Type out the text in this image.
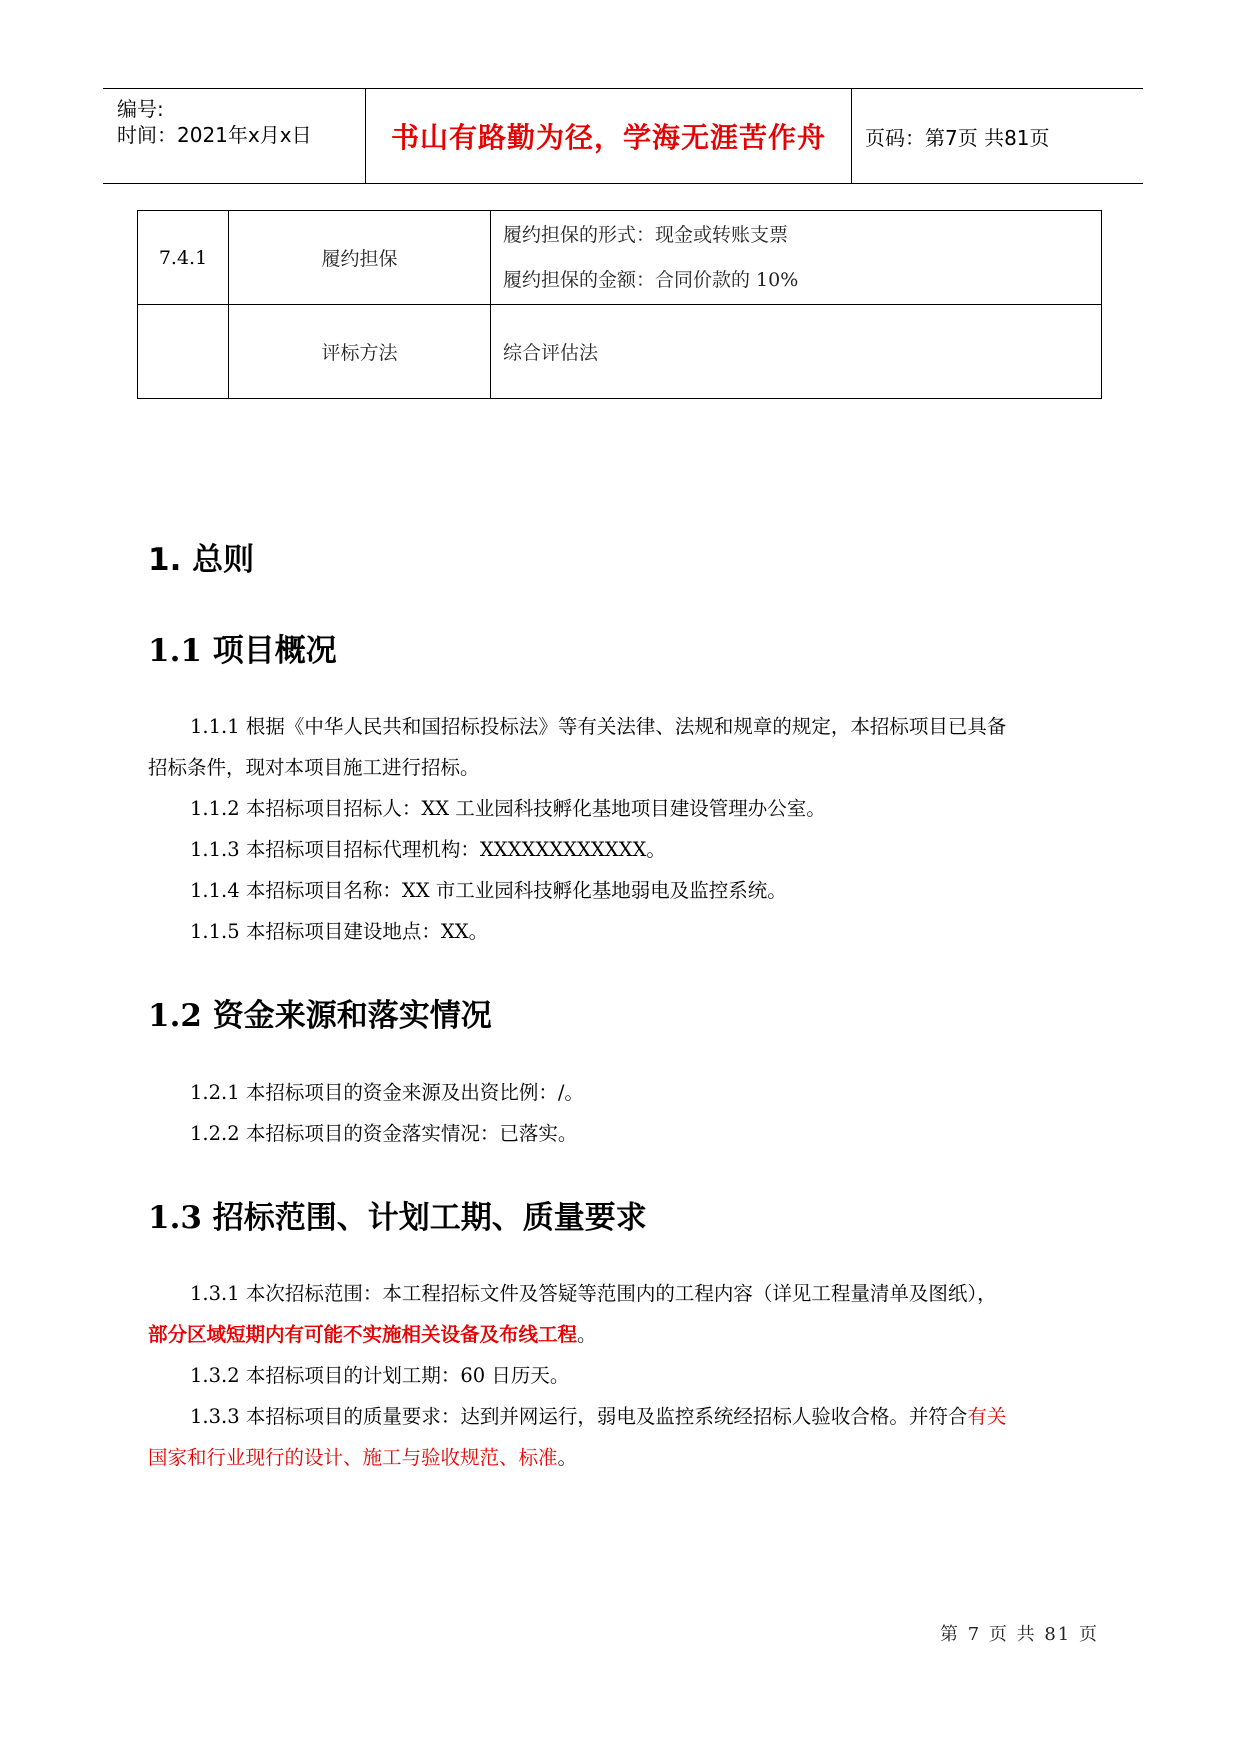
编号:
时间：2021年x月x日	书山有路勤为径，学海无涯苦作舟	页码：第7页 共81页
7.4.1	履约担保	履约担保的形式：现金或转账支票
履约担保的金额：合同价款的 10%

	评标方法	综合评估法
1. 总则
1.1 项目概况
1.1.1 根据《中华人民共和国招标投标法》等有关法律、法规和规章的规定，本招标项目已具备
招标条件，现对本项目施工进行招标。
1.1.2 本招标项目招标人：XX 工业园科技孵化基地项目建设管理办公室。
1.1.3 本招标项目招标代理机构：XXXXXXXXXXXX。
1.1.4 本招标项目名称：XX 市工业园科技孵化基地弱电及监控系统。
1.1.5 本招标项目建设地点：XX。
1.2 资金来源和落实情况
1.2.1 本招标项目的资金来源及出资比例：/。
1.2.2 本招标项目的资金落实情况：已落实。
1.3 招标范围、计划工期、质量要求
1.3.1 本次招标范围：本工程招标文件及答疑等范围内的工程内容（详见工程量清单及图纸），
部分区域短期内有可能不实施相关设备及布线工程。
1.3.2 本招标项目的计划工期：60 日历天。
1.3.3 本招标项目的质量要求：达到并网运行，弱电及监控系统经招标人验收合格。并符合有关
国家和行业现行的设计、施工与验收规范、标准。
第 7 页 共 81 页
